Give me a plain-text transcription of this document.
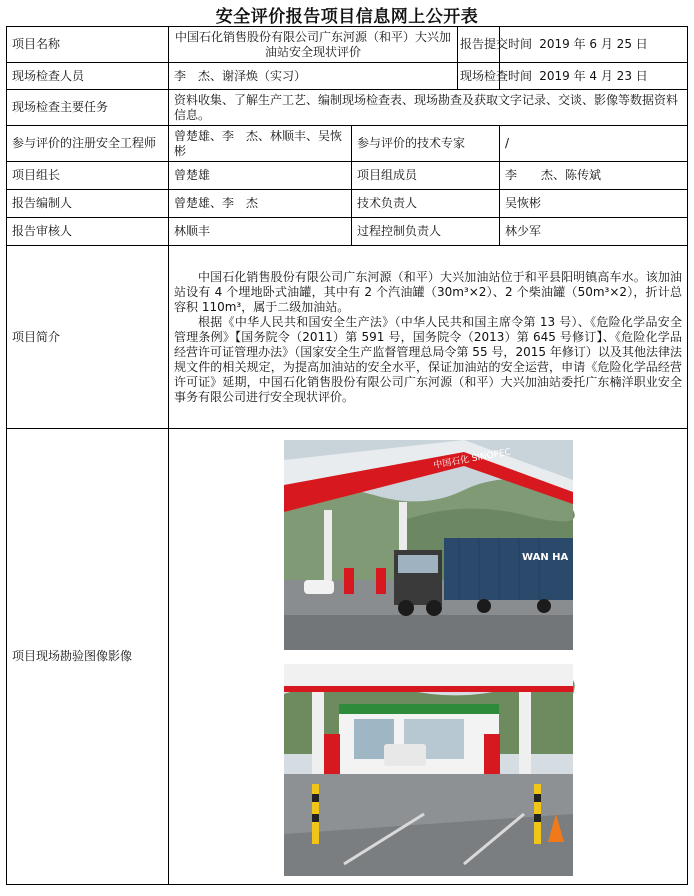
安全评价报告项目信息网上公开表
项目名称	中国石化销售股份有限公司广东河源（和平）大兴加油站安全现状评价		报告提交时间	2019 年 6 月 25 日
现场检查人员	李　杰、谢泽焕（实习）		现场检查时间	2019 年 4 月 23 日
现场检查主要任务	资料收集、了解生产工艺、编制现场检查表、现场勘查及获取文字记录、交谈、影像等数据资料信息。			
参与评价的注册安全工程师	曾楚雄、李　杰、林顺丰、吴恢彬	参与评价的技术专家		/
项目组长	曾楚雄	项目组成员		李　　杰、陈传斌
报告编制人	曾楚雄、李　杰	技术负责人		吴恢彬
报告审核人	林顺丰	过程控制负责人		林少军
项目简介	中国石化销售股份有限公司广东河源（和平）大兴加油站位于和平县阳明镇高车水。该加油站设有 4 个埋地卧式油罐，其中有 2 个汽油罐（30m³×2）、2 个柴油罐（50m³×2），折计总容积 110m³，属于二级加油站。

根据《中华人民共和国安全生产法》（中华人民共和国主席令第 13 号）、《危险化学品安全管理条例》【国务院令（2011）第 591 号，国务院令（2013）第 645 号修订】、《危险化学品经营许可证管理办法》（国家安全生产监督管理总局令第 55 号，2015 年修订）以及其他法律法规文件的相关规定，为提高加油站的安全水平，保证加油站的安全运营，申请《危险化学品经营许可证》延期，中国石化销售股份有限公司广东河源（和平）大兴加油站委托广东楠洋职业安全事务有限公司进行安全现状评价。			

项目现场勘验图像影像	中国石化 SINOPEC
WAN HA			
